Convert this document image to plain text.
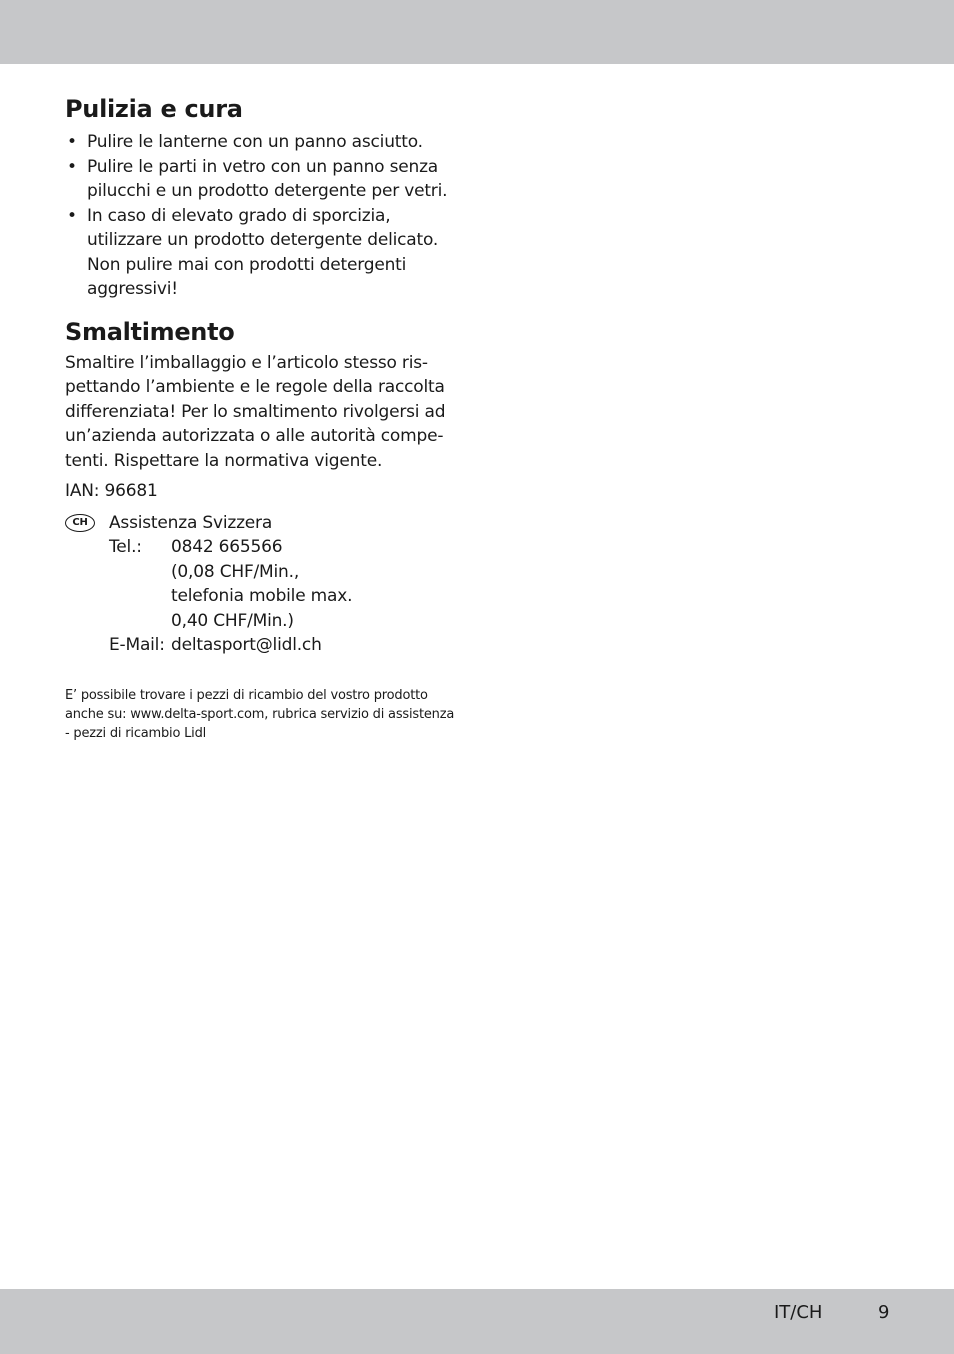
Pulizia e cura
• Pulire le lanterne con un panno asciutto.
• Pulire le parti in vetro con un panno senza
pilucchi e un prodotto detergente per vetri.
• In caso di elevato grado di sporcizia,
utilizzare un prodotto detergente delicato.
Non pulire mai con prodotti detergenti
aggressivi!
Smaltimento
Smaltire l’imballaggio e l’articolo stesso ris-
pettando l’ambiente e le regole della raccolta
differenziata! Per lo smaltimento rivolgersi ad
un’azienda autorizzata o alle autorità compe-
tenti. Rispettare la normativa vigente.
IAN: 96681
CH	Assistenza Svizzera
Tel.:	0842 665566
(0,08 CHF/Min.,
telefonia mobile max.
0,40 CHF/Min.)
E-Mail: deltasport@lidl.ch
E’ possibile trovare i pezzi di ricambio del vostro prodotto
anche su: www.delta-sport.com, rubrica servizio di assistenza
- pezzi di ricambio Lidl
IT/CH	9
